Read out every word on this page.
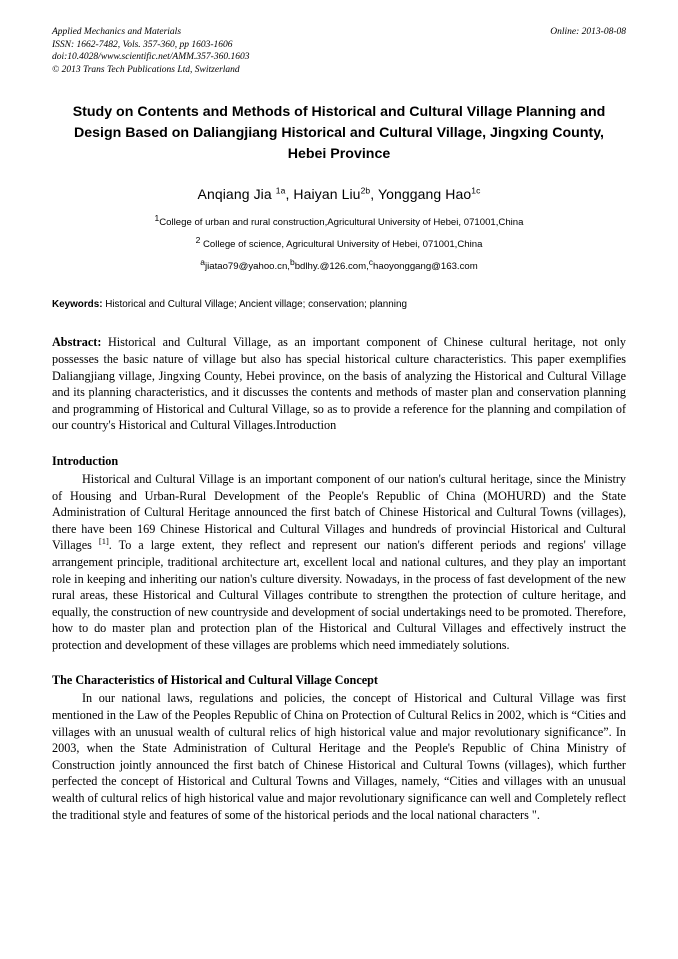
Applied Mechanics and Materials
ISSN: 1662-7482, Vols. 357-360, pp 1603-1606
doi:10.4028/www.scientific.net/AMM.357-360.1603
© 2013 Trans Tech Publications Ltd, Switzerland
Online: 2013-08-08
Study on Contents and Methods of Historical and Cultural Village Planning and Design Based on Daliangjiang Historical and Cultural Village, Jingxing County, Hebei Province
Anqiang Jia $^{1a}$, Haiyan Liu$^{2b}$, Yonggang Hao$^{1c}$
$^1$College of urban and rural construction,Agricultural University of Hebei, 071001,China
$^2$ College of science, Agricultural University of Hebei, 071001,China
$^a$jiatao79@yahoo.cn,$^b$bdlhy.@126.com,$^c$haoyonggang@163.com
Keywords: Historical and Cultural Village; Ancient village; conservation; planning
Abstract: Historical and Cultural Village, as an important component of Chinese cultural heritage, not only possesses the basic nature of village but also has special historical culture characteristics. This paper exemplifies Daliangjiang village, Jingxing County, Hebei province, on the basis of analyzing the Historical and Cultural Village and its planning characteristics, and it discusses the contents and methods of master plan and conservation planning and programming of Historical and Cultural Village, so as to provide a reference for the planning and compilation of our country's Historical and Cultural Villages.Introduction
Introduction

Historical and Cultural Village is an important component of our nation's cultural heritage, since the Ministry of Housing and Urban-Rural Development of the People's Republic of China (MOHURD) and the State Administration of Cultural Heritage announced the first batch of Chinese Historical and Cultural Towns (villages), there have been 169 Chinese Historical and Cultural Villages and hundreds of provincial Historical and Cultural Villages [1]. To a large extent, they reflect and represent our nation's different periods and regions' village arrangement principle, traditional architecture art, excellent local and national cultures, and they play an important role in keeping and inheriting our nation's culture diversity. Nowadays, in the process of fast development of the new rural areas, these Historical and Cultural Villages contribute to strengthen the protection of culture heritage, and equally, the construction of new countryside and development of social undertakings need to be promoted. Therefore, how to do master plan and protection plan of the Historical and Cultural Villages and effectively instruct the protection and development of these villages are problems which need immediately solutions.

The Characteristics of Historical and Cultural Village Concept

In our national laws, regulations and policies, the concept of Historical and Cultural Village was first mentioned in the Law of the Peoples Republic of China on Protection of Cultural Relics in 2002, which is “Cities and villages with an unusual wealth of cultural relics of high historical value and major revolutionary significance”. In 2003, when the State Administration of Cultural Heritage and the People's Republic of China Ministry of Construction jointly announced the first batch of Chinese Historical and Cultural Towns (villages), which further perfected the concept of Historical and Cultural Towns and Villages, namely, “Cities and villages with an unusual wealth of cultural relics of high historical value and major revolutionary significance can well and Completely reflect the traditional style and features of some of the historical periods and the local national characters ".
